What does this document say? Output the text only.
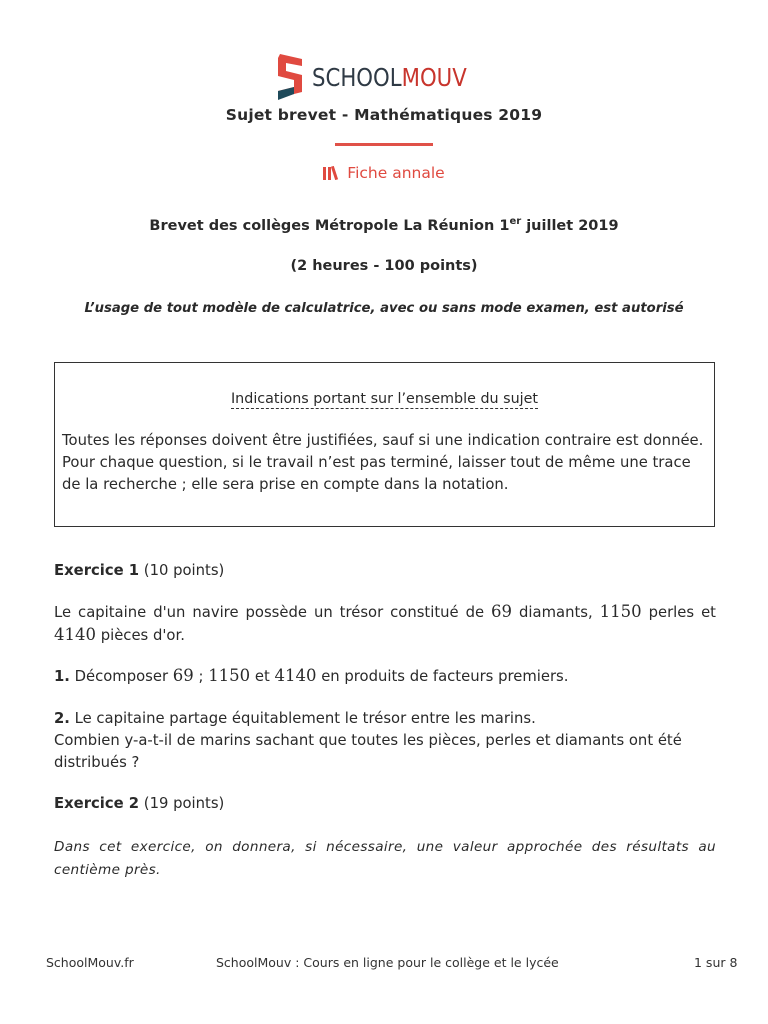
SCHOOLMOUV
Sujet brevet - Mathématiques 2019
Fiche annale
Brevet des collèges Métropole La Réunion 1er juillet 2019
(2 heures - 100 points)
L’usage de tout modèle de calculatrice, avec ou sans mode examen, est autorisé
Indications portant sur l’ensemble du sujet
Toutes les réponses doivent être justifiées, sauf si une indication contraire est donnée.
Pour chaque question, si le travail n’est pas terminé, laisser tout de même une trace de la recherche ; elle sera prise en compte dans la notation.
Exercice 1 (10 points)
Le capitaine d'un navire possède un trésor constitué de 69 diamants, 1150 perles et 4140 pièces d'or.
1. Décomposer 69 ; 1150 et 4140 en produits de facteurs premiers.
2. Le capitaine partage équitablement le trésor entre les marins.
Combien y-a-t-il de marins sachant que toutes les pièces, perles et diamants ont été distribués ?
Exercice 2 (19 points)
Dans cet exercice, on donnera, si nécessaire, une valeur approchée des résultats au centième près.
SchoolMouv.fr	SchoolMouv : Cours en ligne pour le collège et le lycée	1 sur 8
